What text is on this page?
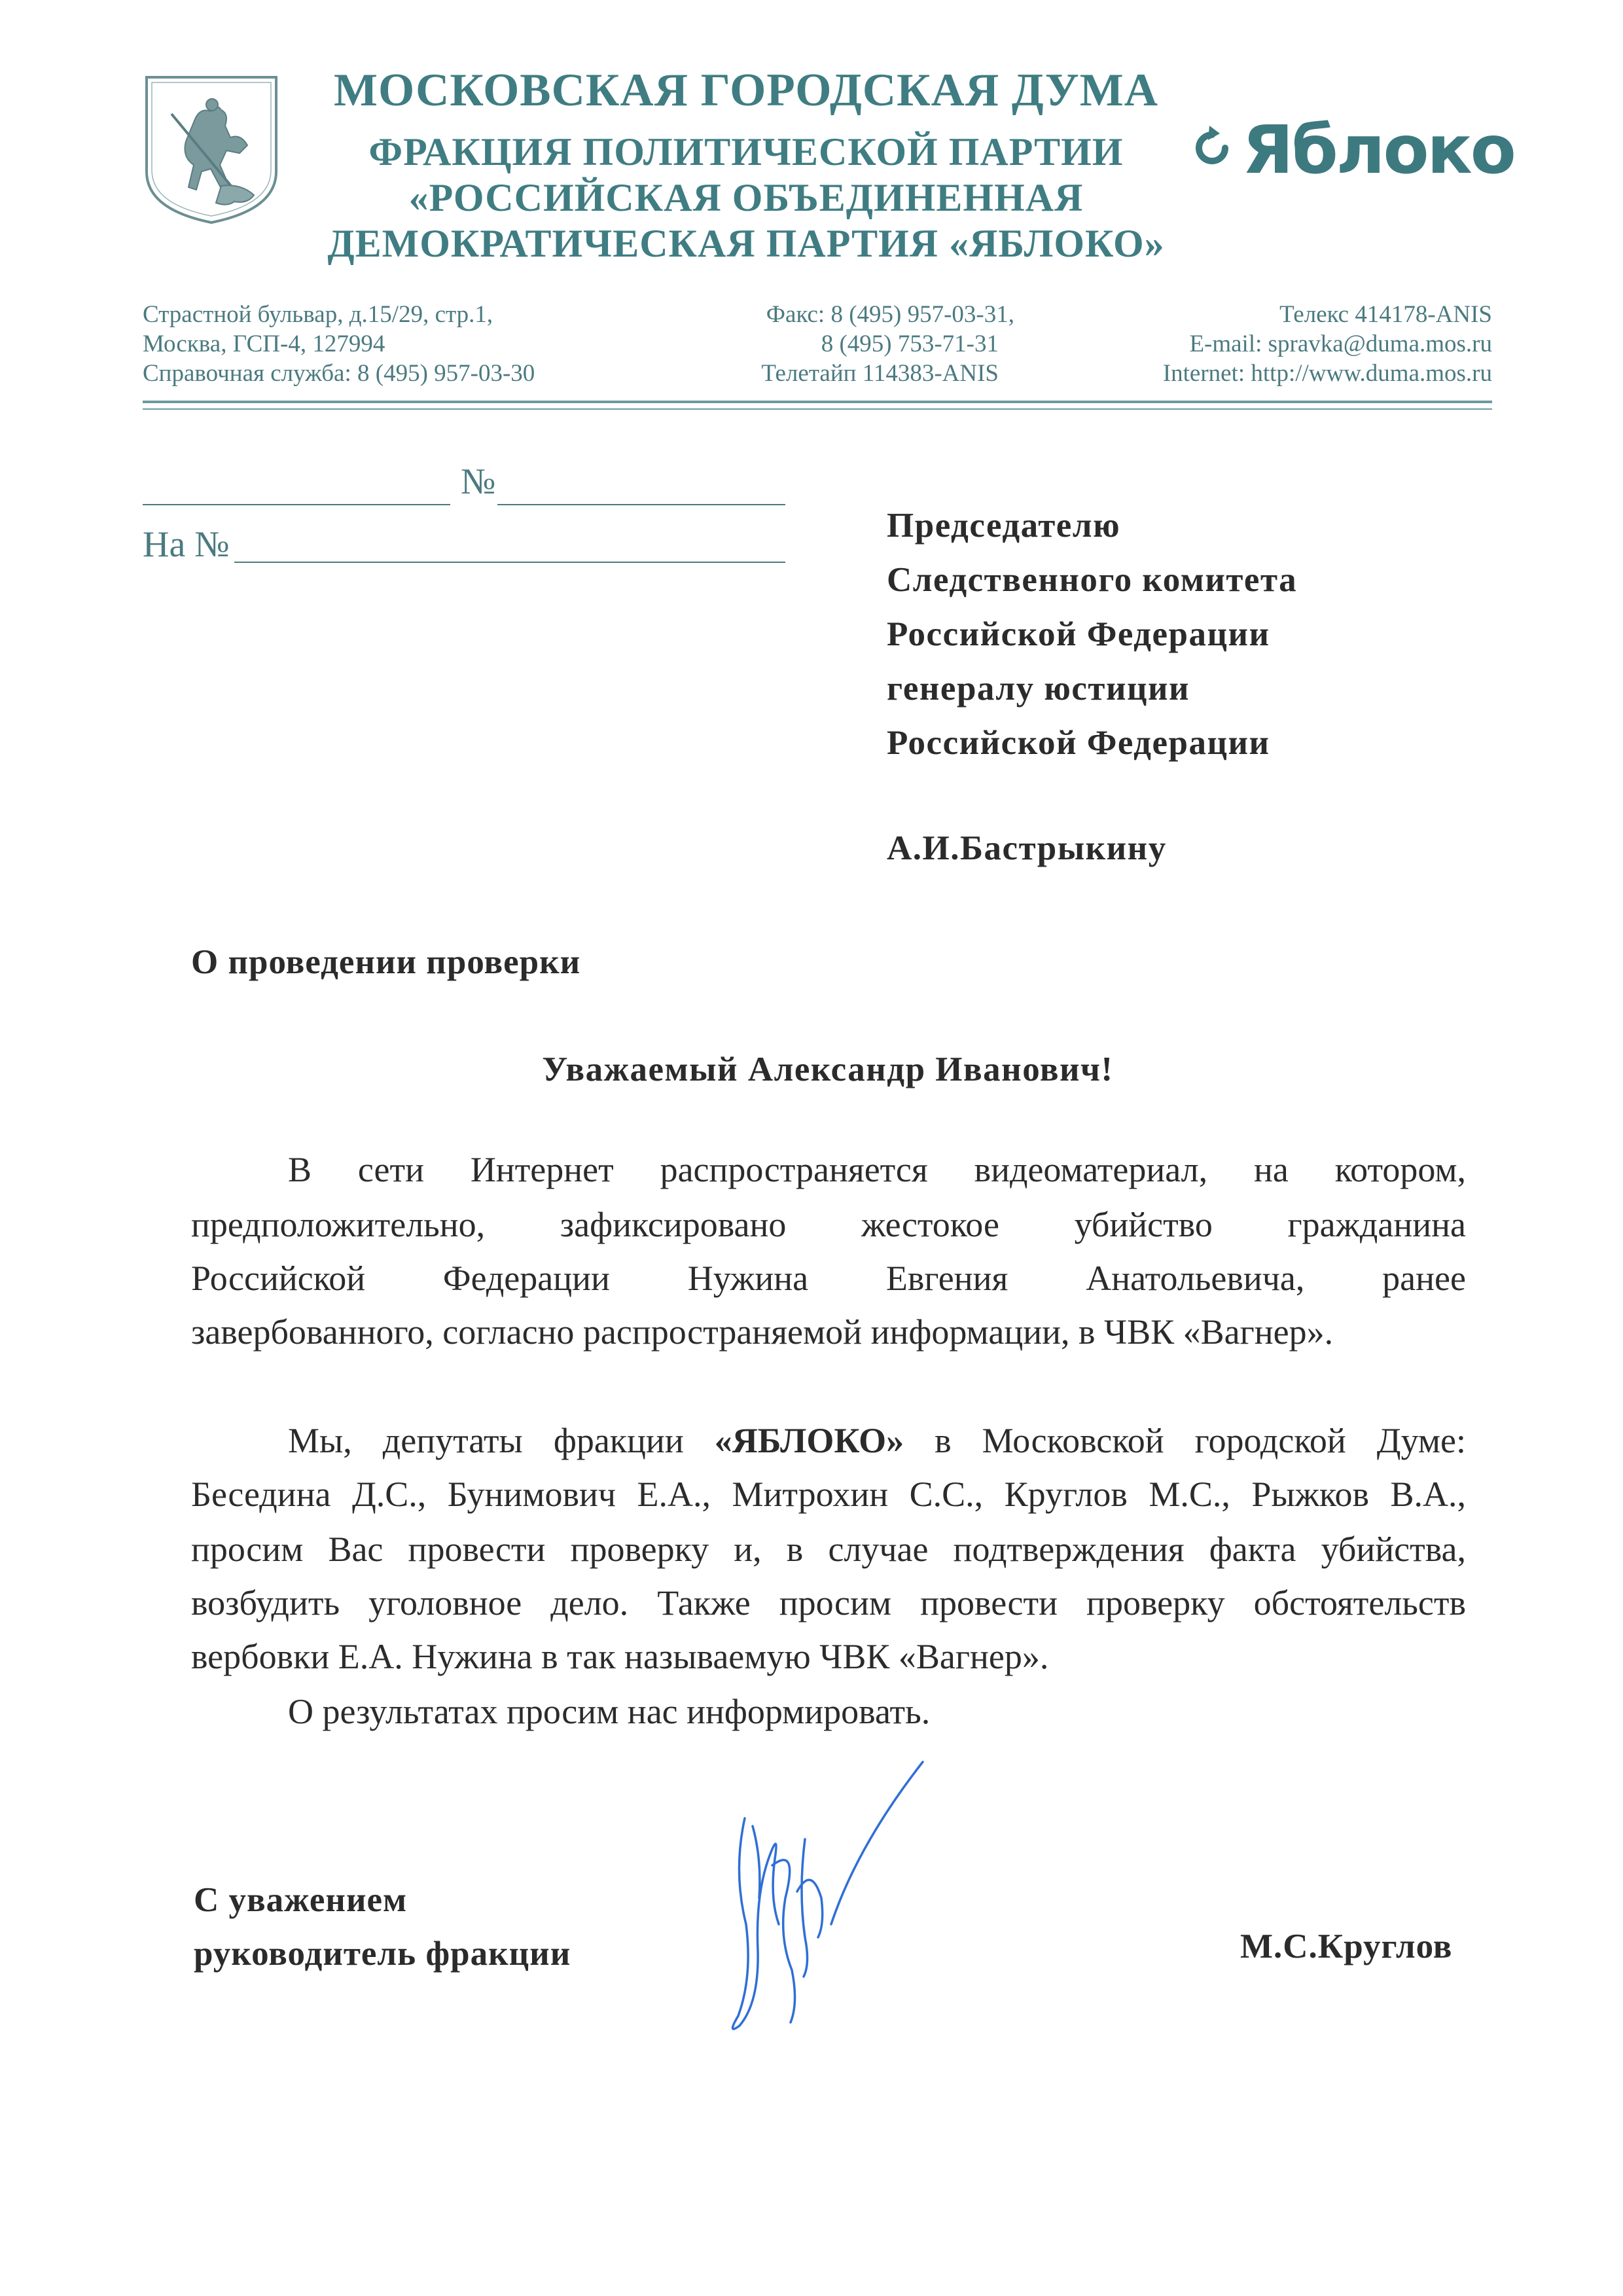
МОСКОВСКАЯ ГОРОДСКАЯ ДУМА
ФРАКЦИЯ ПОЛИТИЧЕСКОЙ ПАРТИИ
«РОССИЙСКАЯ ОБЪЕДИНЕННАЯ
ДЕМОКРАТИЧЕСКАЯ ПАРТИЯ «ЯБЛОКО»
Яблоко
Страстной бульвар, д.15/29, стр.1,
Москва, ГСП-4, 127994
Справочная служба: 8 (495) 957-03-30
Факс: 8 (495) 957-03-31,
8 (495) 753-71-31
Телетайп 114383-ANIS
Телекс 414178-ANIS
E-mail: spravka@duma.mos.ru
Internet: http://www.duma.mos.ru
№
На №	Председателю
Следственного комитета
Российской Федерации
генералу юстиции
Российской Федерации
А.И.Бастрыкину
О проведении проверки
Уважаемый Александр Иванович!
В сети Интернет распространяется видеоматериал, на котором,
предположительно, зафиксировано жестокое убийство гражданина
Российской Федерации Нужина Евгения Анатольевича, ранее
завербованного, согласно распространяемой информации, в ЧВК «Вагнер».
Мы, депутаты фракции «ЯБЛОКО» в Московской городской Думе:
Беседина Д.С., Бунимович Е.А., Митрохин С.С., Круглов М.С., Рыжков В.А.,
просим Вас провести проверку и, в случае подтверждения факта убийства,
возбудить уголовное дело. Также просим провести проверку обстоятельств
вербовки Е.А. Нужина в так называемую ЧВК «Вагнер».
О результатах просим нас информировать.
С уважением
руководитель фракции	М.С.Круглов
